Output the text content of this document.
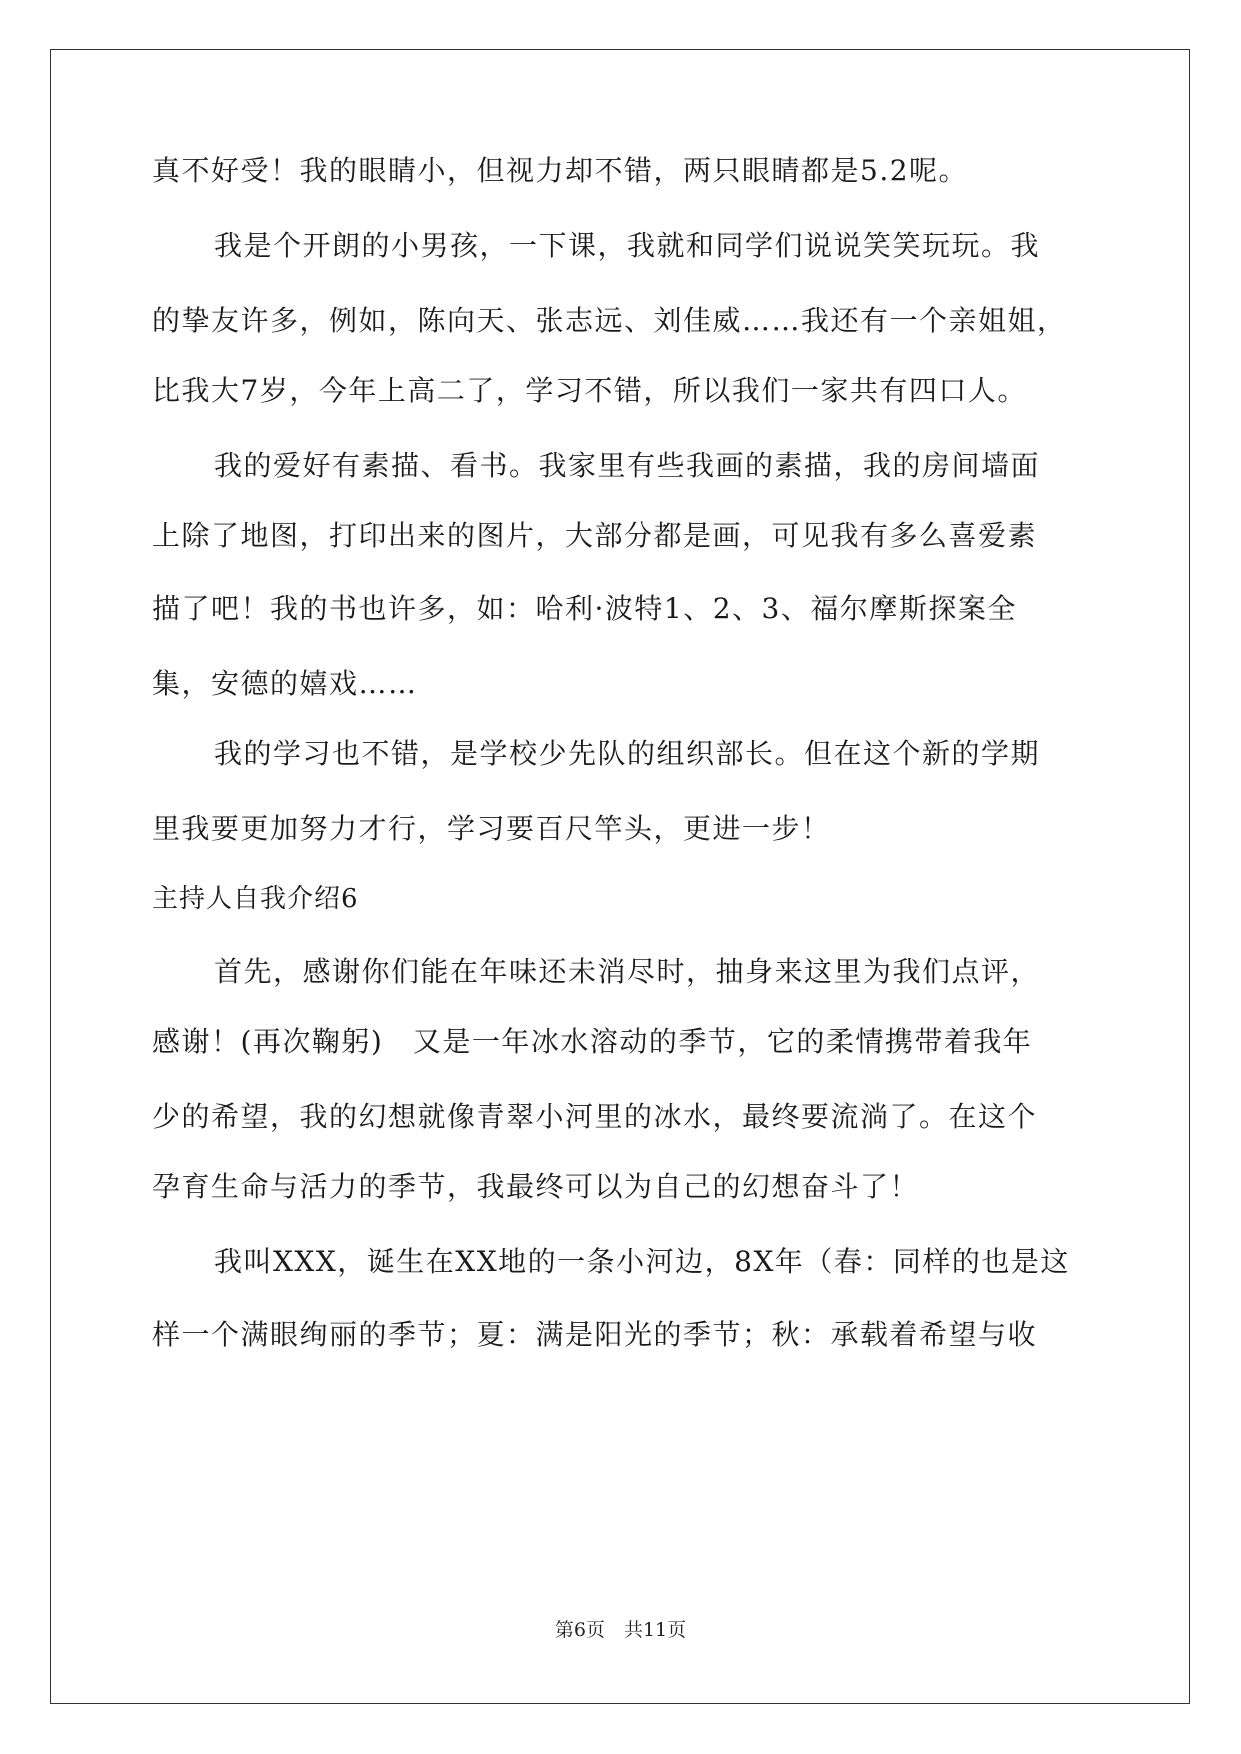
真不好受！我的眼睛小，但视力却不错，两只眼睛都是5.2呢。
我是个开朗的小男孩，一下课，我就和同学们说说笑笑玩玩。我
的挚友许多，例如，陈向天、张志远、刘佳威……我还有一个亲姐姐，
比我大7岁，今年上高二了，学习不错，所以我们一家共有四口人。
我的爱好有素描、看书。我家里有些我画的素描，我的房间墙面
上除了地图，打印出来的图片，大部分都是画，可见我有多么喜爱素
描了吧！我的书也许多，如：哈利·波特1、2、3、福尔摩斯探案全
集，安德的嬉戏……
我的学习也不错，是学校少先队的组织部长。但在这个新的学期
里我要更加努力才行，学习要百尺竿头，更进一步！
主持人自我介绍6
首先，感谢你们能在年味还未消尽时，抽身来这里为我们点评，
感谢！(再次鞠躬)　又是一年冰水溶动的季节，它的柔情携带着我年
少的希望，我的幻想就像青翠小河里的冰水，最终要流淌了。在这个
孕育生命与活力的季节，我最终可以为自己的幻想奋斗了！
我叫XXX，诞生在XX地的一条小河边，8X年（春：同样的也是这
样一个满眼绚丽的季节；夏：满是阳光的季节；秋：承载着希望与收
第6页　共11页
